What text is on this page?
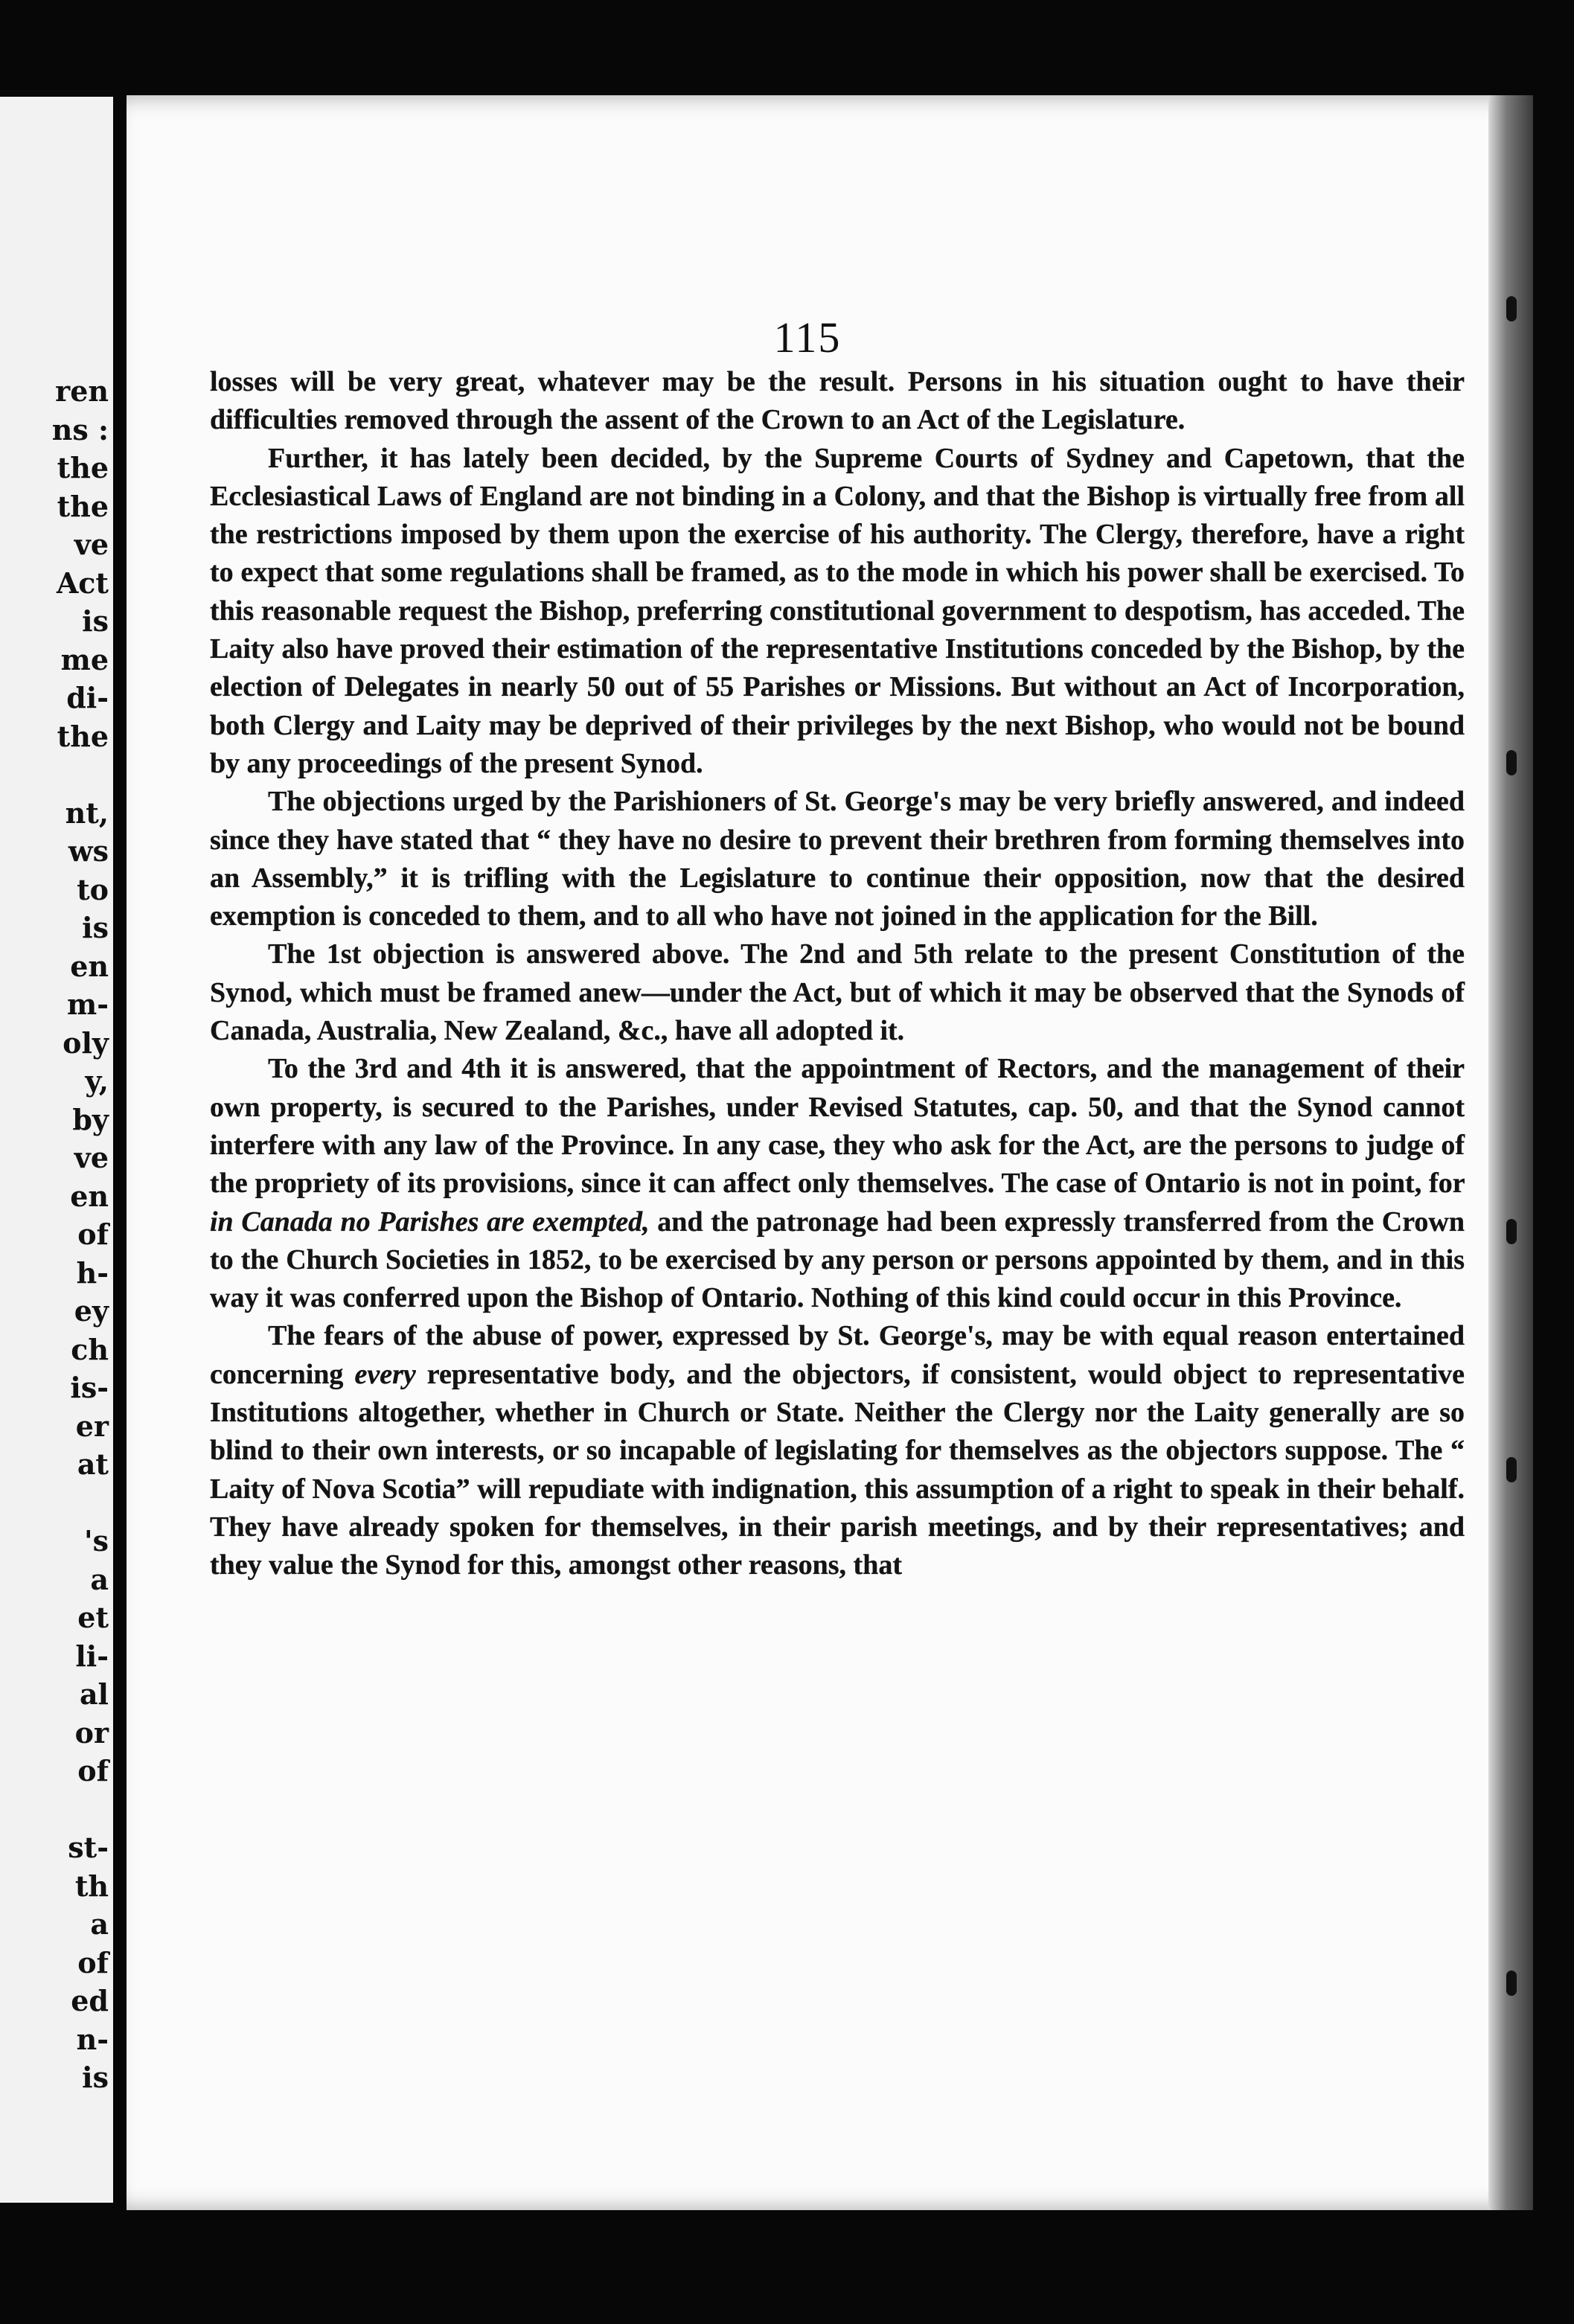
ren
ns :
the
the
ve
Act
is
me
di-
the

nt,
ws
to
is
en
m-
oly
y,
by
ve
en
of
h-
ey
ch
is-
er
at

's
a
et
li-
al
or
of

st-
th
a
of
ed
n-
is
115

losses will be very great, whatever may be the result. Persons in his situation ought to have their difficulties removed through the assent of the Crown to an Act of the Legislature.

Further, it has lately been decided, by the Supreme Courts of Sydney and Capetown, that the Ecclesiastical Laws of England are not binding in a Colony, and that the Bishop is virtually free from all the restrictions imposed by them upon the exercise of his authority. The Clergy, therefore, have a right to expect that some regulations shall be framed, as to the mode in which his power shall be exercised. To this reasonable request the Bishop, preferring constitutional government to despotism, has acceded. The Laity also have proved their estimation of the representative Institutions conceded by the Bishop, by the election of Delegates in nearly 50 out of 55 Parishes or Missions. But without an Act of Incorporation, both Clergy and Laity may be deprived of their privileges by the next Bishop, who would not be bound by any proceedings of the present Synod.

The objections urged by the Parishioners of St. George's may be very briefly answered, and indeed since they have stated that “ they have no desire to prevent their brethren from forming themselves into an Assembly,” it is trifling with the Legislature to continue their opposition, now that the desired exemption is conceded to them, and to all who have not joined in the application for the Bill.

The 1st objection is answered above. The 2nd and 5th relate to the present Constitution of the Synod, which must be framed anew—under the Act, but of which it may be observed that the Synods of Canada, Australia, New Zealand, &c., have all adopted it.

To the 3rd and 4th it is answered, that the appointment of Rectors, and the management of their own property, is secured to the Parishes, under Revised Statutes, cap. 50, and that the Synod cannot interfere with any law of the Province. In any case, they who ask for the Act, are the persons to judge of the propriety of its provisions, since it can affect only themselves. The case of Ontario is not in point, for in Canada no Parishes are exempted, and the patronage had been expressly transferred from the Crown to the Church Societies in 1852, to be exercised by any person or persons appointed by them, and in this way it was conferred upon the Bishop of Ontario. Nothing of this kind could occur in this Province.

The fears of the abuse of power, expressed by St. George's, may be with equal reason entertained concerning every representative body, and the objectors, if consistent, would object to representative Institutions altogether, whether in Church or State. Neither the Clergy nor the Laity generally are so blind to their own interests, or so incapable of legislating for themselves as the objectors suppose. The “ Laity of Nova Scotia” will repudiate with indignation, this assumption of a right to speak in their behalf. They have already spoken for themselves, in their parish meetings, and by their representatives; and they value the Synod for this, amongst other reasons, that
